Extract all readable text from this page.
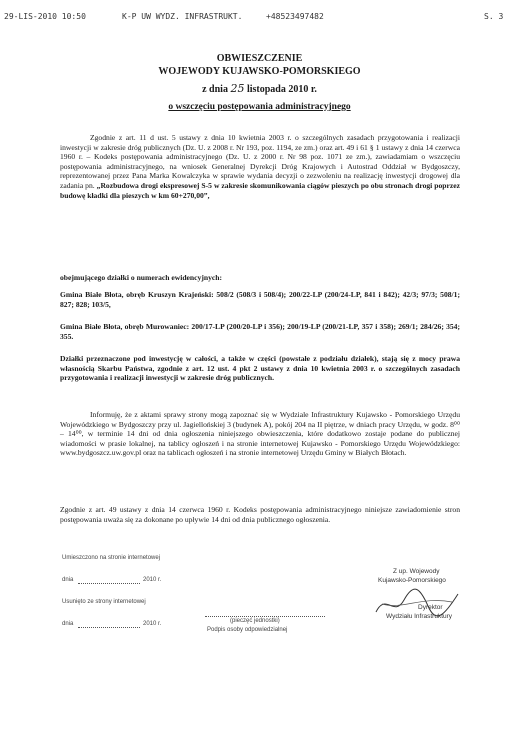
29-LIS-2010 10:50	K-P UW WYDZ. INFRASTRUKT.	+48523497482	S. 3
OBWIESZCZENIE
WOJEWODY KUJAWSKO-POMORSKIEGO
z dnia 25 listopada 2010 r.
o wszczęciu postępowania administracyjnego

Zgodnie z art. 11 d ust. 5 ustawy z dnia 10 kwietnia 2003 r. o szczególnych zasadach przygotowania i realizacji inwestycji w zakresie dróg publicznych (Dz. U. z 2008 r. Nr 193, poz. 1194, ze zm.) oraz art. 49 i 61 § 1 ustawy z dnia 14 czerwca 1960 r. – Kodeks postępowania administracyjnego (Dz. U. z 2000 r. Nr 98 poz. 1071 ze zm.), zawiadamiam o wszczęciu postępowania administracyjnego, na wniosek Generalnej Dyrekcji Dróg Krajowych i Autostrad Oddział w Bydgoszczy, reprezentowanej przez Pana Marka Kowalczyka w sprawie wydania decyzji o zezwoleniu na realizację inwestycji drogowej dla zadania pn. „Rozbudowa drogi ekspresowej S-5 w zakresie skomunikowania ciągów pieszych po obu stronach drogi poprzez budowę kładki dla pieszych w km 60+270,00”,

obejmującego działki o numerach ewidencyjnych:
Gmina Białe Błota, obręb Kruszyn Krajeński: 508/2 (508/3 i 508/4); 200/22-LP (200/24-LP, 841 i 842); 42/3; 97/3; 508/1; 827; 828; 103/5,
Gmina Białe Błota, obręb Murowaniec: 200/17-LP (200/20-LP i 356); 200/19-LP (200/21-LP, 357 i 358); 269/1; 284/26; 354; 355.
Działki przeznaczone pod inwestycję w całości, a także w części (powstałe z podziału działek), stają się z mocy prawa własnością Skarbu Państwa, zgodnie z art. 12 ust. 4 pkt 2 ustawy z dnia 10 kwietnia 2003 r. o szczególnych zasadach przygotowania i realizacji inwestycji w zakresie dróg publicznych.

Informuję, że z aktami sprawy strony mogą zapoznać się w Wydziale Infrastruktury Kujawsko - Pomorskiego Urzędu Wojewódzkiego w Bydgoszczy przy ul. Jagiellońskiej 3 (budynek A), pokój 204 na II piętrze, w dniach pracy Urzędu, w godz. 8⁰⁰ – 14⁰⁰, w terminie 14 dni od dnia ogłoszenia niniejszego obwieszczenia, które dodatkowo zostaje podane do publicznej wiadomości w prasie lokalnej, na tablicy ogłoszeń i na stronie internetowej Kujawsko - Pomorskiego Urzędu Wojewódzkiego: www.bydgoszcz.uw.gov.pl oraz na tablicach ogłoszeń i na stronie internetowej Urzędu Gminy w Białych Błotach.

Zgodnie z art. 49 ustawy z dnia 14 czerwca 1960 r. Kodeks postępowania administracyjnego niniejsze zawiadomienie stron postępowania uważa się za dokonane po upływie 14 dni od dnia publicznego ogłoszenia.
Umieszczono na stronie internetowej
dnia	2010 r.
Usunięto ze strony internetowej
dnia	2010 r.	(pieczęć jednostki)
Podpis osoby odpowiedzialnej
Z up. Wojewody
Kujawsko-Pomorskiego
Dyrektor
Wydziału Infrastruktury
